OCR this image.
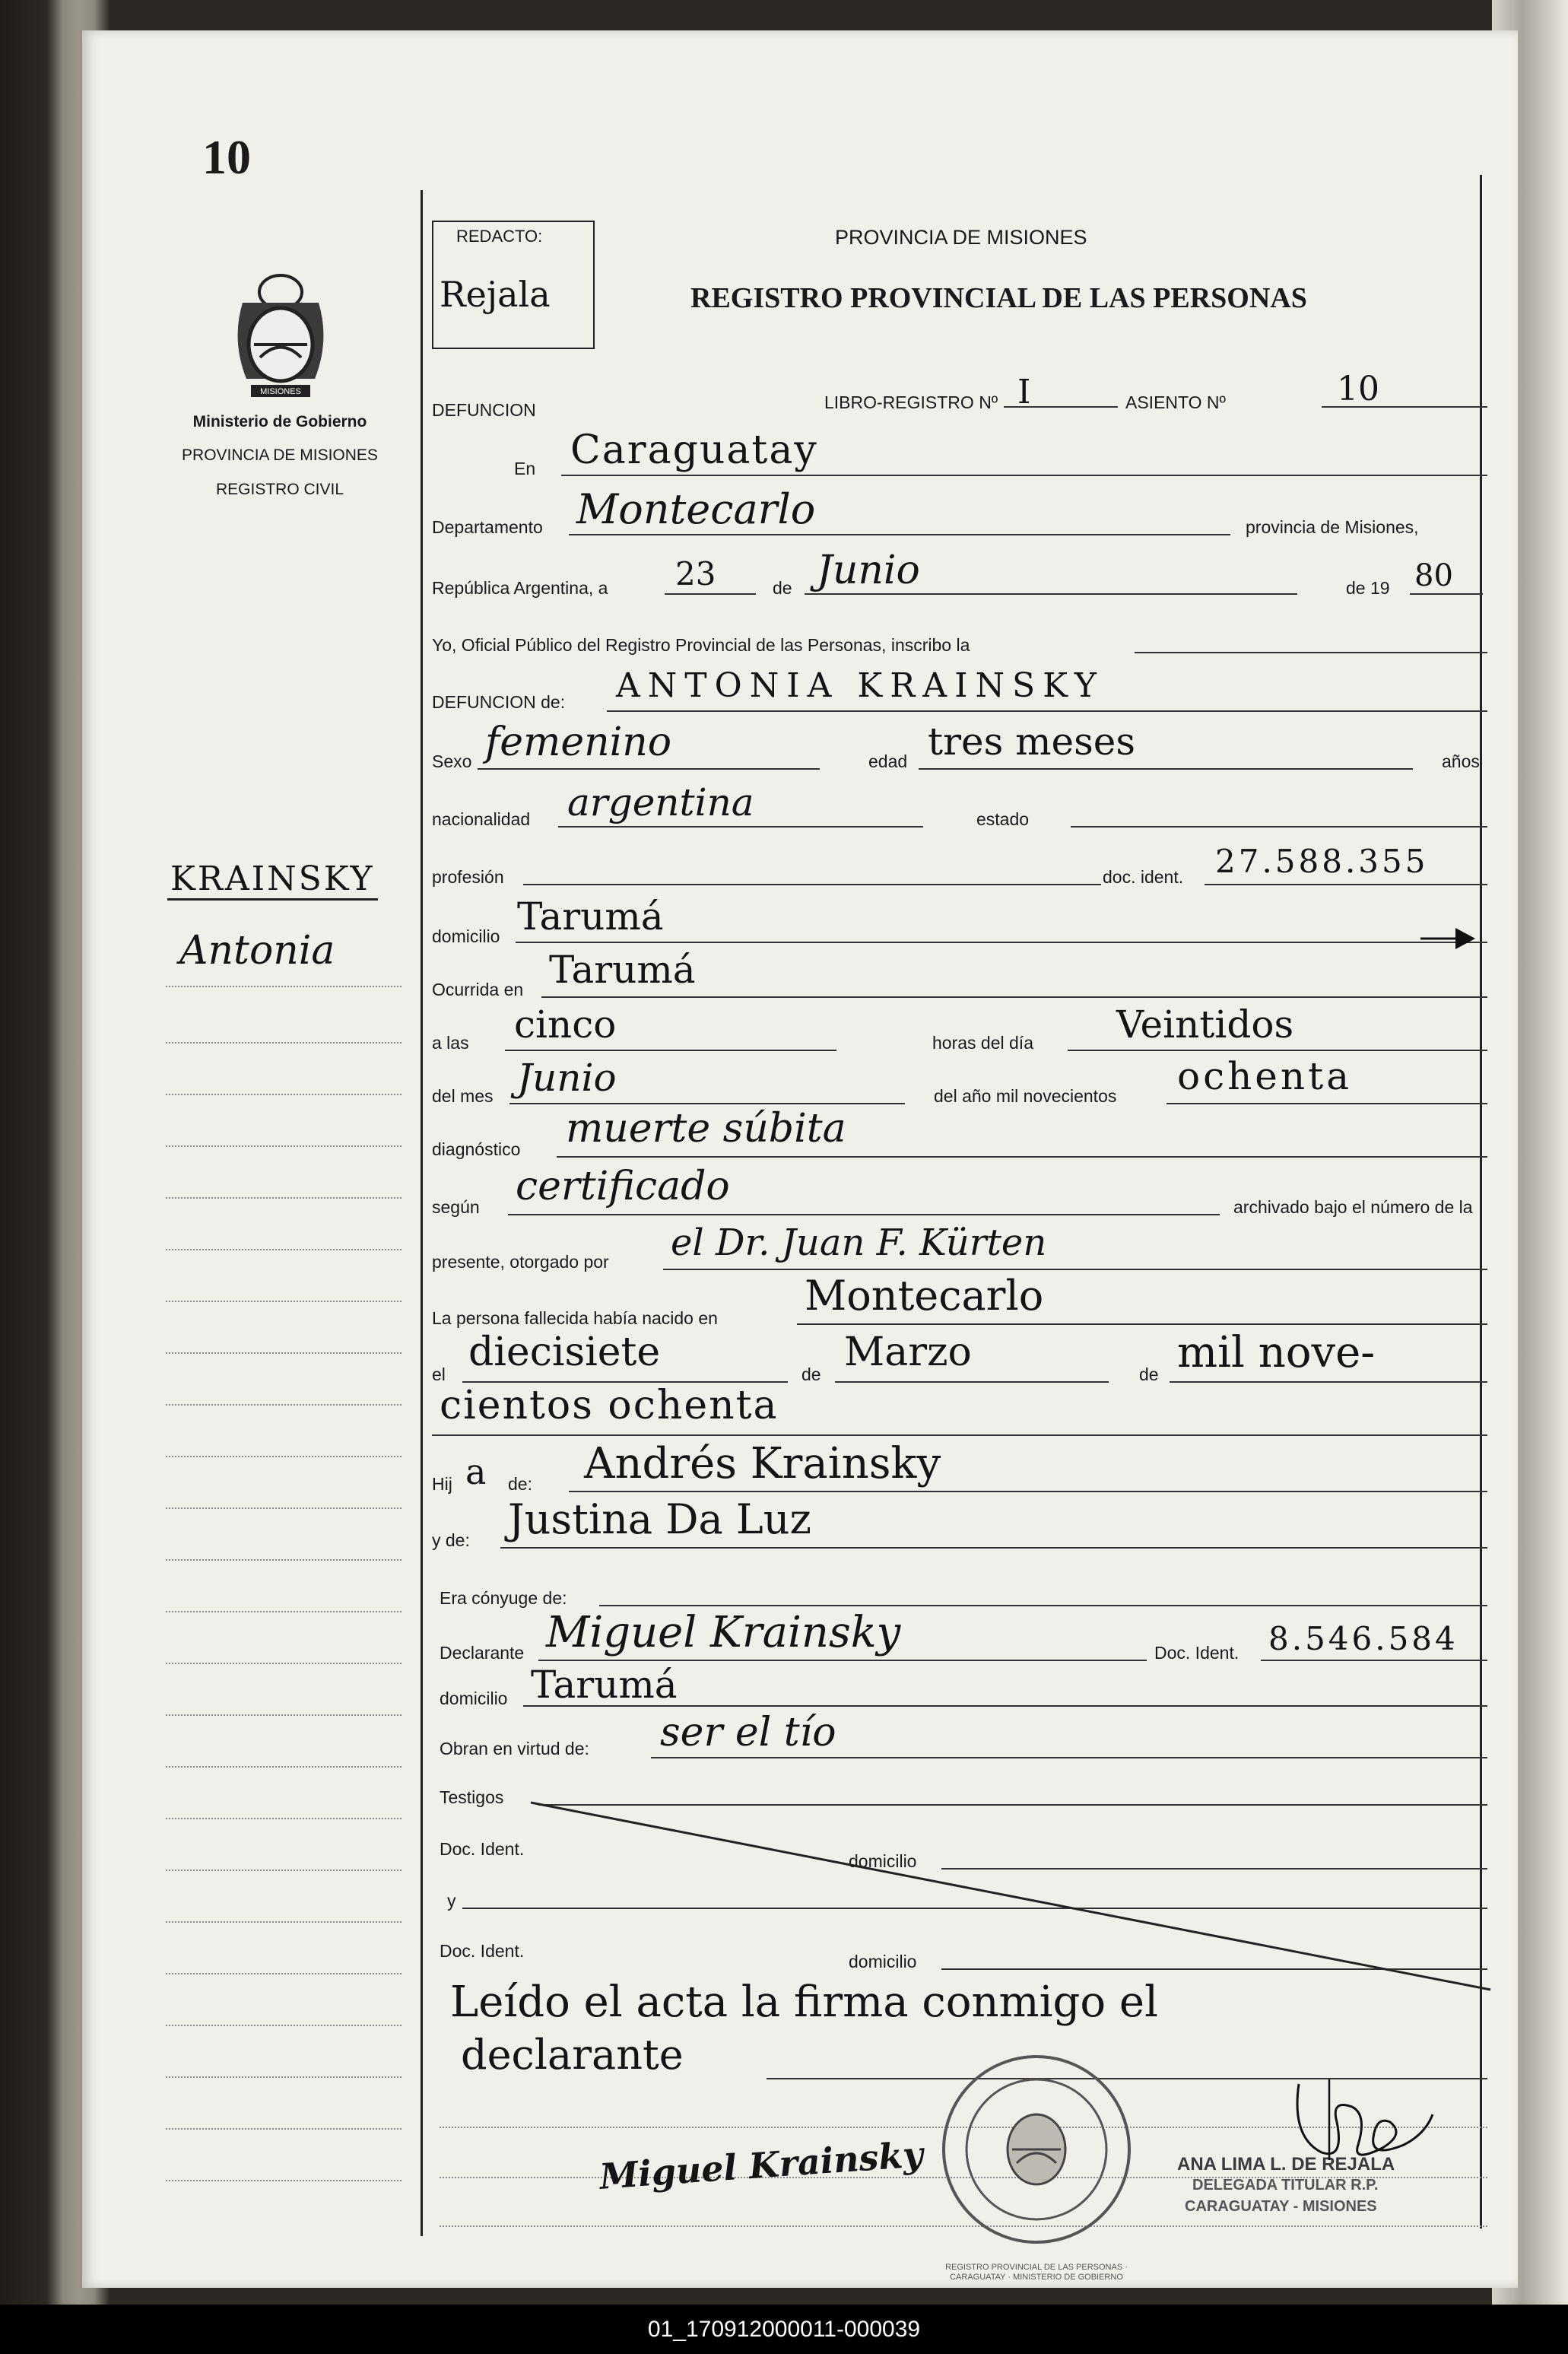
10
MISIONES
Ministerio de Gobierno
PROVINCIA DE MISIONES
REGISTRO CIVIL
KRAINSKY
Antonia
REDACTO:
Rejala
PROVINCIA DE MISIONES
REGISTRO PROVINCIAL DE LAS PERSONAS
DEFUNCION	LIBRO-REGISTRO Nº I	ASIENTO Nº	10
En Caraguatay
Departamento Montecarlo	provincia de Misiones,
República Argentina, a 23	de Junio	de 19 80
Yo, Oficial Público del Registro Provincial de las Personas, inscribo la
DEFUNCION de: ANTONIA KRAINSKY
Sexo femenino	edad tres meses	años
nacionalidad argentina	estado
profesión	doc. ident. 27.588.355
domicilio Tarumá
Ocurrida en Tarumá
a las cinco	horas del día Veintidos
del mes Junio	del año mil novecientos ochenta
diagnóstico muerte súbita
según certificado	archivado bajo el número de la
presente, otorgado por el Dr. Juan F. Kürten
La persona fallecida había nacido en Montecarlo
el diecisiete	de Marzo	de mil nove-
cientos ochenta
Hij a de: Andrés Krainsky
y de: Justina Da Luz
Era cónyuge de:
Declarante Miguel Krainsky	Doc. Ident. 8.546.584
domicilio Tarumá
Obran en virtud de: ser el tío
Testigos
Doc. Ident.
domicilio
y
Doc. Ident.
domicilio
Leído el acta la firma conmigo el
declarante
Miguel Krainsky
REGISTRO PROVINCIAL DE LAS PERSONAS · CARAGUATAY · MINISTERIO DE GOBIERNO
ANA LIMA L. DE REJALA
DELEGADA TITULAR R.P.
CARAGUATAY - MISIONES
01_170912000011-000039
